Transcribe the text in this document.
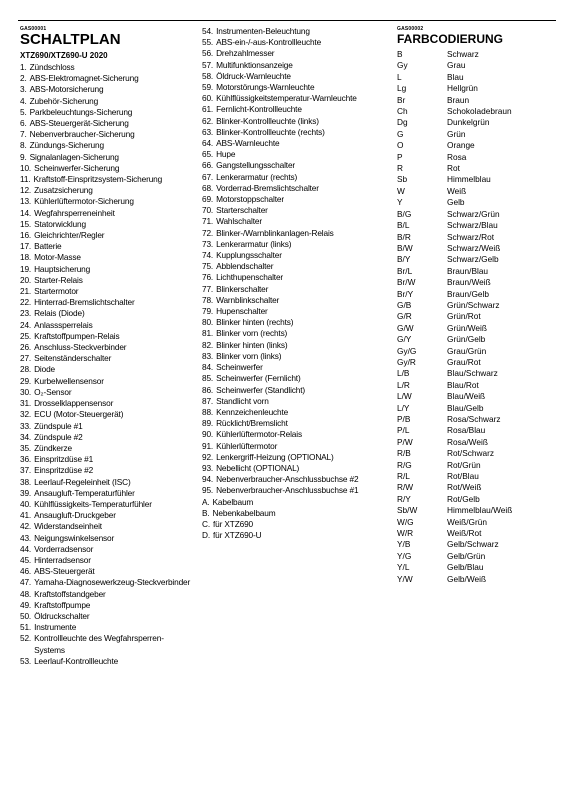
GAS00001
SCHALTPLAN
XTZ690/XTZ690-U 2020
1. Zündschloss
2. ABS-Elektromagnet-Sicherung
3. ABS-Motorsicherung
4. Zubehör-Sicherung
5. Parkbeleuchtungs-Sicherung
6. ABS-Steuergerät-Sicherung
7. Nebenverbraucher-Sicherung
8. Zündungs-Sicherung
9. Signalanlagen-Sicherung
10. Scheinwerfer-Sicherung
11. Kraftstoff-Einspritzsystem-Sicherung
12. Zusatzsicherung
13. Kühlerlüftermotor-Sicherung
14. Wegfahrsperreneinheit
15. Statorwicklung
16. Gleichrichter/Regler
17. Batterie
18. Motor-Masse
19. Hauptsicherung
20. Starter-Relais
21. Startermotor
22. Hinterrad-Bremslichtschalter
23. Relais (Diode)
24. Anlasssperrelais
25. Kraftstoffpumpen-Relais
26. Anschluss-Steckverbinder
27. Seitenständerschalter
28. Diode
29. Kurbelwellensensor
30. O₂-Sensor
31. Drosselklappensensor
32. ECU (Motor-Steuergerät)
33. Zündspule #1
34. Zündspule #2
35. Zündkerze
36. Einspritzdüse #1
37. Einspritzdüse #2
38. Leerlauf-Regeleinheit (ISC)
39. Ansaugluft-Temperaturfühler
40. Kühlflüssigkeits-Temperaturfühler
41. Ansaugluft-Druckgeber
42. Widerstandseinheit
43. Neigungswinkelsensor
44. Vorderradsensor
45. Hinterradsensor
46. ABS-Steuergerät
47. Yamaha-Diagnosewerkzeug-Steckverbinder
48. Kraftstoffstandgeber
49. Kraftstoffpumpe
50. Öldruckschalter
51. Instrumente
52. Kontrollleuchte des Wegfahrsperren-Systems
53. Leerlauf-Kontrollleuchte
54. Instrumenten-Beleuchtung
55. ABS-ein-/-aus-Kontrollleuchte
56. Drehzahlmesser
57. Multifunktionsanzeige
58. Öldruck-Warnleuchte
59. Motorstörungs-Warnleuchte
60. Kühlflüssigkeitstemperatur-Warnleuchte
61. Fernlicht-Kontrollleuchte
62. Blinker-Kontrollleuchte (links)
63. Blinker-Kontrollleuchte (rechts)
64. ABS-Warnleuchte
65. Hupe
66. Gangstellungsschalter
67. Lenkerarmatur (rechts)
68. Vorderrad-Bremslichtschalter
69. Motorstoppschalter
70. Starterschalter
71. Wahlschalter
72. Blinker-/Warnblinkanlagen-Relais
73. Lenkerarmatur (links)
74. Kupplungsschalter
75. Abblendschalter
76. Lichthupenschalter
77. Blinkerschalter
78. Warnblinkschalter
79. Hupenschalter
80. Blinker hinten (rechts)
81. Blinker vorn (rechts)
82. Blinker hinten (links)
83. Blinker vorn (links)
84. Scheinwerfer
85. Scheinwerfer (Fernlicht)
86. Scheinwerfer (Standlicht)
87. Standlicht vorn
88. Kennzeichenleuchte
89. Rücklicht/Bremslicht
90. Kühlerlüftermotor-Relais
91. Kühlerlüftermotor
92. Lenkergriff-Heizung (OPTIONAL)
93. Nebellicht (OPTIONAL)
94. Nebenverbraucher-Anschlussbuchse #2
95. Nebenverbraucher-Anschlussbuchse #1
A. Kabelbaum
B. Nebenkabelbaum
C. für XTZ690
D. für XTZ690-U
GAS00002
FARBCODIERUNG
B	Schwarz
Gy	Grau
L	Blau
Lg	Hellgrün
Br	Braun
Ch	Schokoladebraun
Dg	Dunkelgrün
G	Grün
O	Orange
P	Rosa
R	Rot
Sb	Himmelblau
W	Weiß
Y	Gelb
B/G	Schwarz/Grün
B/L	Schwarz/Blau
B/R	Schwarz/Rot
B/W	Schwarz/Weiß
B/Y	Schwarz/Gelb
Br/L	Braun/Blau
Br/W	Braun/Weiß
Br/Y	Braun/Gelb
G/B	Grün/Schwarz
G/R	Grün/Rot
G/W	Grün/Weiß
G/Y	Grün/Gelb
Gy/G	Grau/Grün
Gy/R	Grau/Rot
L/B	Blau/Schwarz
L/R	Blau/Rot
L/W	Blau/Weiß
L/Y	Blau/Gelb
P/B	Rosa/Schwarz
P/L	Rosa/Blau
P/W	Rosa/Weiß
R/B	Rot/Schwarz
R/G	Rot/Grün
R/L	Rot/Blau
R/W	Rot/Weiß
R/Y	Rot/Gelb
Sb/W	Himmelblau/Weiß
W/G	Weiß/Grün
W/R	Weiß/Rot
Y/B	Gelb/Schwarz
Y/G	Gelb/Grün
Y/L	Gelb/Blau
Y/W	Gelb/Weiß
